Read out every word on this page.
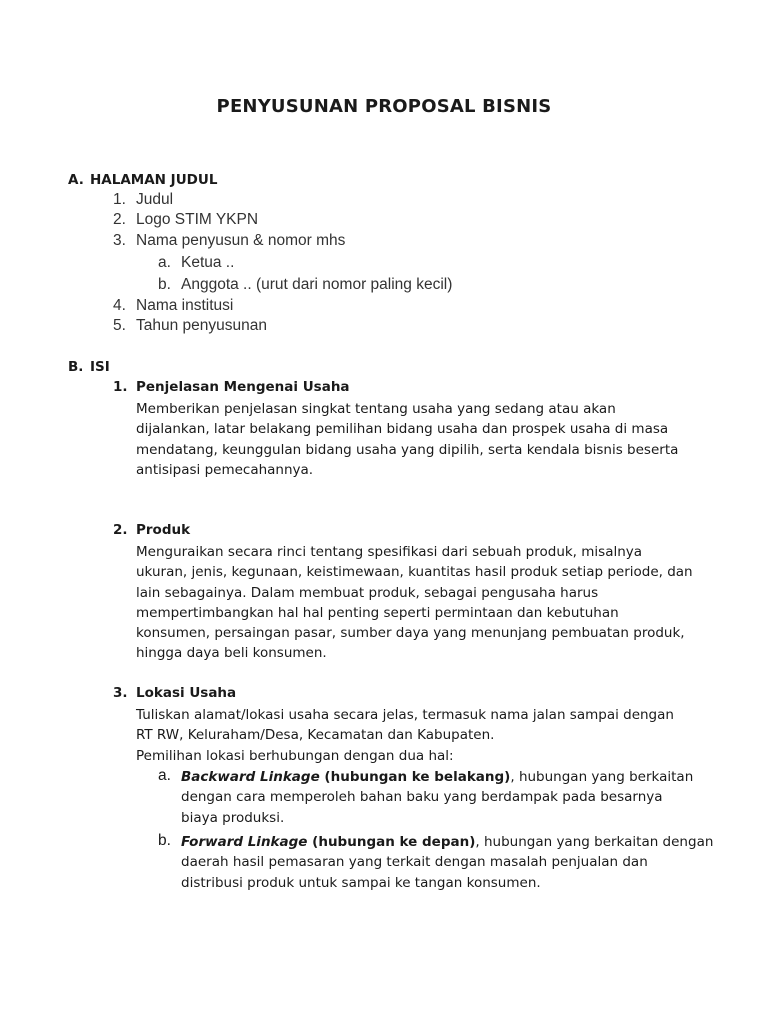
PENYUSUNAN PROPOSAL BISNIS
A. HALAMAN JUDUL
1. Judul
2. Logo STIM YKPN
3. Nama penyusun & nomor mhs
a. Ketua ..
b. Anggota .. (urut dari nomor paling kecil)
4. Nama institusi
5. Tahun penyusunan
B. ISI
1. Penjelasan Mengenai Usaha
Memberikan penjelasan singkat tentang usaha yang sedang atau akan
dijalankan, latar belakang pemilihan bidang usaha dan prospek usaha di masa
mendatang, keunggulan bidang usaha yang dipilih, serta kendala bisnis beserta
antisipasi pemecahannya.
2. Produk
Menguraikan secara rinci tentang spesifikasi dari sebuah produk, misalnya
ukuran, jenis, kegunaan, keistimewaan, kuantitas hasil produk setiap periode, dan
lain sebagainya. Dalam membuat produk, sebagai pengusaha harus
mempertimbangkan hal hal penting seperti permintaan dan kebutuhan
konsumen, persaingan pasar, sumber daya yang menunjang pembuatan produk,
hingga daya beli konsumen.
3. Lokasi Usaha
Tuliskan alamat/lokasi usaha secara jelas, termasuk nama jalan sampai dengan
RT RW, Keluraham/Desa, Kecamatan dan Kabupaten.
Pemilihan lokasi berhubungan dengan dua hal:
a. Backward Linkage (hubungan ke belakang), hubungan yang berkaitan
dengan cara memperoleh bahan baku yang berdampak pada besarnya
biaya produksi.
b. Forward Linkage (hubungan ke depan), hubungan yang berkaitan dengan
daerah hasil pemasaran yang terkait dengan masalah penjualan dan
distribusi produk untuk sampai ke tangan konsumen.
